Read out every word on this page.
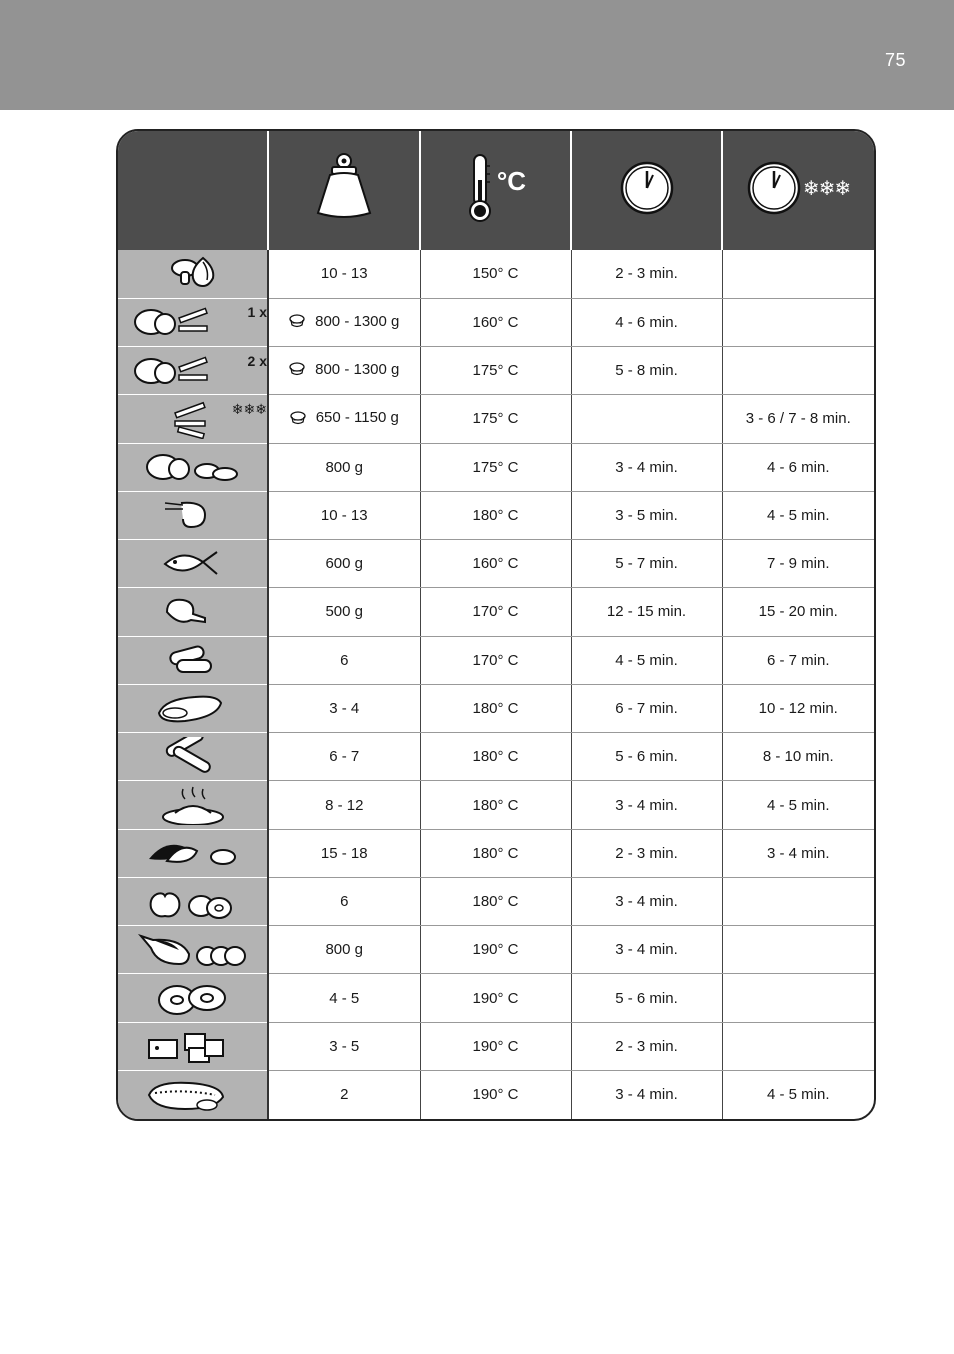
75

°C		❄❄❄

10 - 13	150° C	2 - 3 min.	

1 x	800 - 1300 g	160° C	4 - 6 min.	

2 x	800 - 1300 g	175° C	5 - 8 min.	

❄❄❄	650 - 1150 g	175° C		3 - 6 / 7 - 8 min.

800 g	175° C	3 - 4 min.	4 - 6 min.

10 - 13	180° C	3 - 5 min.	4 - 5 min.

600 g	160° C	5 - 7 min.	7 - 9 min.

500 g	170° C	12 - 15 min.	15 - 20 min.

6	170° C	4 - 5 min.	6 - 7 min.

3 - 4	180° C	6 - 7 min.	10 - 12 min.

6 - 7	180° C	5 - 6 min.	8 - 10 min.

8 - 12	180° C	3 - 4 min.	4 - 5 min.

15 - 18	180° C	2 - 3 min.	3 - 4 min.

6	180° C	3 - 4 min.	

800 g	190° C	3 - 4 min.	

4 - 5	190° C	5 - 6 min.	

3 - 5	190° C	2 - 3 min.	

2	190° C	3 - 4 min.	4 - 5 min.
